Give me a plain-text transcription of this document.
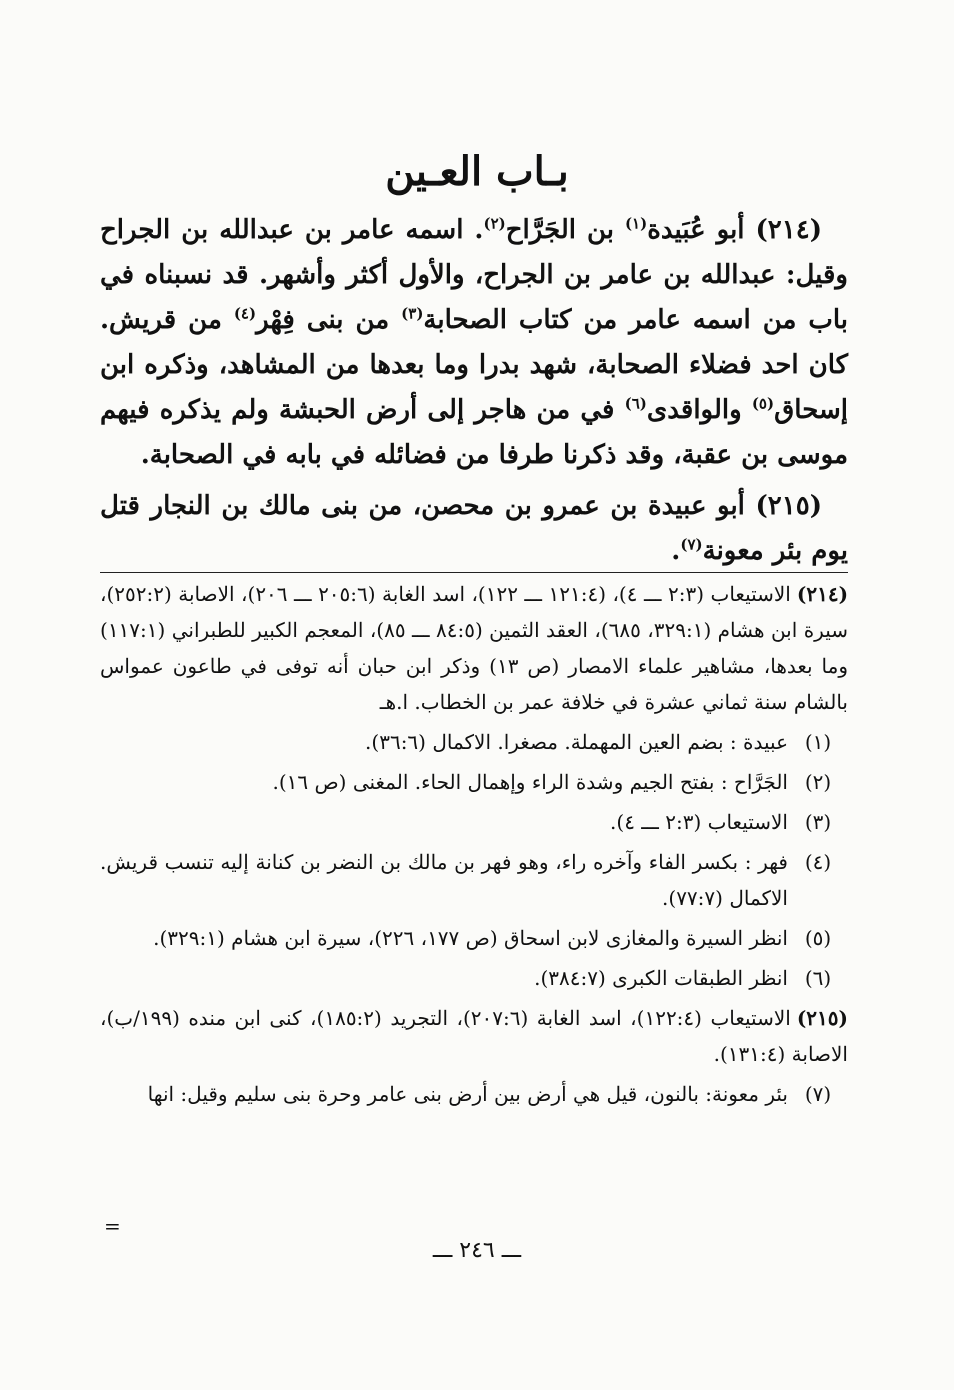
بـاب العـين

(٢١٤) أبو عُبَيدة$^{(١)}$ بن الجَرَّاح$^{(٢)}$. اسمه عامر بن عبدالله بن الجراح وقيل: عبدالله بن عامر بن الجراح، والأول أكثر وأشهر. قد نسبناه في باب من اسمه عامر من كتاب الصحابة$^{(٣)}$ من بنى فِهْر$^{(٤)}$ من قريش. كان احد فضلاء الصحابة، شهد بدرا وما بعدها من المشاهد، وذكره ابن إسحاق$^{(٥)}$ والواقدى$^{(٦)}$ في من هاجر إلى أرض الحبشة ولم يذكره فيهم موسى بن عقبة، وقد ذكرنا طرفا من فضائله في بابه في الصحابة.

(٢١٥) أبو عبيدة بن عمرو بن محصن، من بنى مالك بن النجار قتل يوم بئر معونة$^{(٧)}$.

(٢١٤)الاستيعاب (٢:٣ ـــ ٤)، (١٢١:٤ ـــ ١٢٢)، اسد الغابة (٢٠٥:٦ ـــ ٢٠٦)، الاصابة (٢٥٢:٢)، سيرة ابن هشام (٣٢٩:١، ٦٨٥)، العقد الثمين (٨٤:٥ ـــ ٨٥)، المعجم الكبير للطبراني (١١٧:١) وما بعدها، مشاهير علماء الامصار (ص ١٣) وذكر ابن حبان أنه توفى في طاعون عمواس بالشام سنة ثماني عشرة في خلافة عمر بن الخطاب. ا.هـ
(١)
عبيدة : بضم العين المهملة. مصغرا. الاكمال (٣٦:٦).
(٢)
الجَرَّاح : بفتح الجيم وشدة الراء وإهمال الحاء. المغنى (ص ١٦).
(٣)
الاستيعاب (٢:٣ ـــ ٤).
(٤)
فهر : بكسر الفاء وآخره راء، وهو فهر بن مالك بن النضر بن كنانة إليه تنسب قريش. الاكمال (٧٧:٧).
(٥)
انظر السيرة والمغازى لابن اسحاق (ص ١٧٧، ٢٢٦)، سيرة ابن هشام (٣٢٩:١).
(٦)
انظر الطبقات الكبرى (٣٨٤:٧).
(٢١٥)الاستيعاب (١٢٢:٤)، اسد الغابة (٢٠٧:٦)، التجريد (١٨٥:٢)، كنى ابن منده (١٩٩/ب)، الاصابة (١٣١:٤).
(٧)
بئر معونة: بالنون، قيل هي أرض بين أرض بنى عامر وحرة بنى سليم وقيل: انها
=
ـــ ٢٤٦ ـــ
